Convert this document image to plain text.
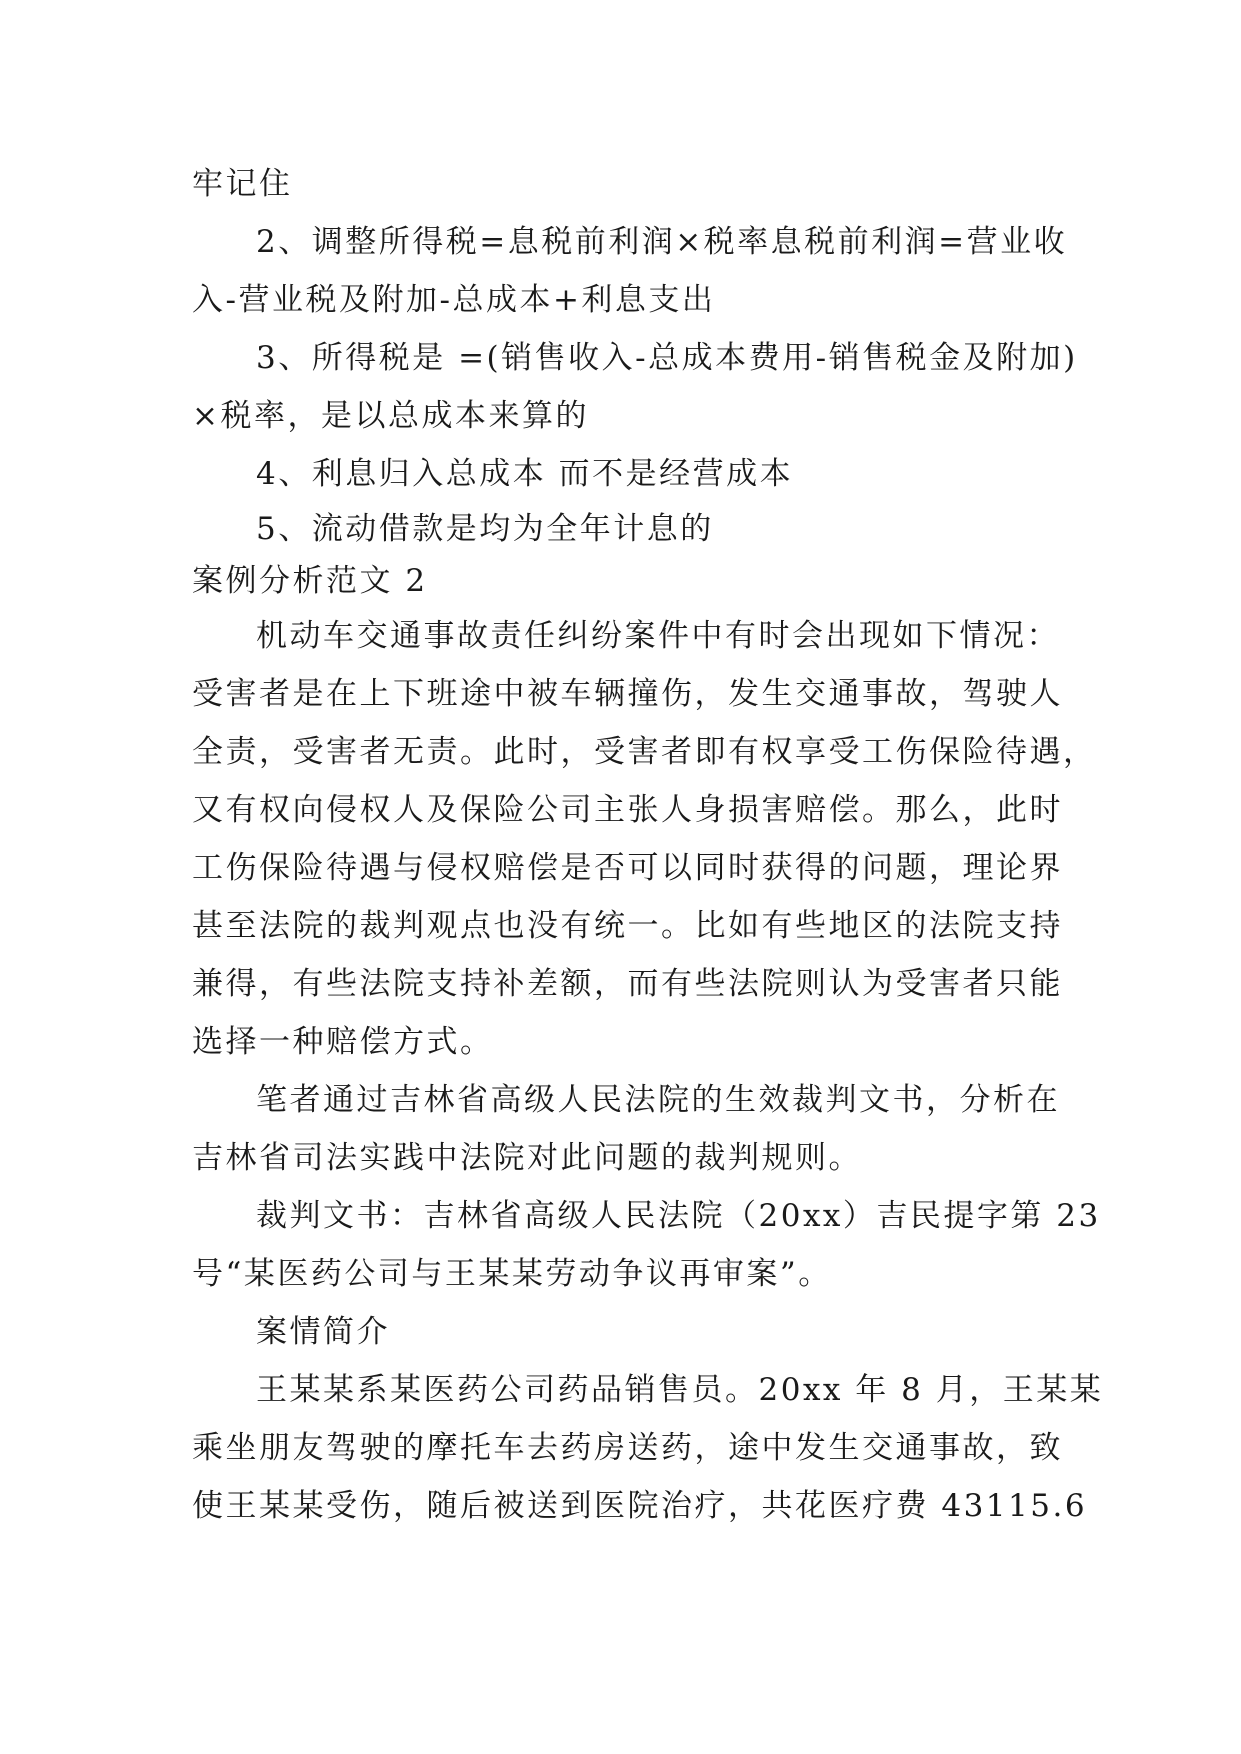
牢记住
2、调整所得税=息税前利润×税率息税前利润=营业收
入-营业税及附加-总成本+利息支出
3、所得税是 =(销售收入-总成本费用-销售税金及附加)
×税率，是以总成本来算的
4、利息归入总成本 而不是经营成本
5、流动借款是均为全年计息的
案例分析范文 2
机动车交通事故责任纠纷案件中有时会出现如下情况：
受害者是在上下班途中被车辆撞伤，发生交通事故，驾驶人
全责，受害者无责。此时，受害者即有权享受工伤保险待遇，
又有权向侵权人及保险公司主张人身损害赔偿。那么，此时
工伤保险待遇与侵权赔偿是否可以同时获得的问题，理论界
甚至法院的裁判观点也没有统一。比如有些地区的法院支持
兼得，有些法院支持补差额，而有些法院则认为受害者只能
选择一种赔偿方式。
笔者通过吉林省高级人民法院的生效裁判文书，分析在
吉林省司法实践中法院对此问题的裁判规则。
裁判文书：吉林省高级人民法院（20xx）吉民提字第 23
号“某医药公司与王某某劳动争议再审案”。
案情简介
王某某系某医药公司药品销售员。20xx 年 8 月，王某某
乘坐朋友驾驶的摩托车去药房送药，途中发生交通事故，致
使王某某受伤，随后被送到医院治疗，共花医疗费 43115.6
